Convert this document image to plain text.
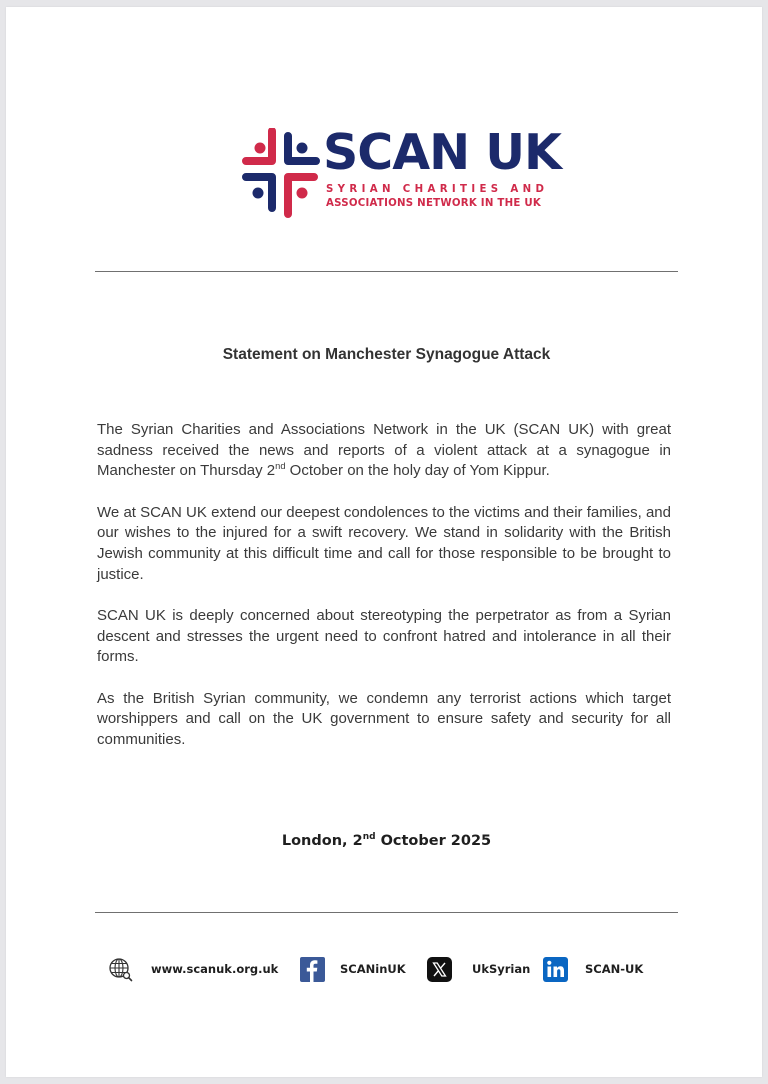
SCAN UK
SYRIAN CHARITIES AND
ASSOCIATIONS NETWORK IN THE UK
Statement on Manchester Synagogue Attack

The Syrian Charities and Associations Network in the UK (SCAN UK) with great sadness received the news and reports of a violent attack at a synagogue in Manchester on Thursday 2nd October on the holy day of Yom Kippur.

We at SCAN UK extend our deepest condolences to the victims and their families, and our wishes to the injured for a swift recovery. We stand in solidarity with the British Jewish community at this difficult time and call for those responsible to be brought to justice.

SCAN UK is deeply concerned about stereotyping the perpetrator as from a Syrian descent and stresses the urgent need to confront hatred and intolerance in all their forms.

As the British Syrian community, we condemn any terrorist actions which target worshippers and call on the UK government to ensure safety and security for all communities.

London, 2nd October 2025
www.scanuk.org.uk	SCANinUK	UkSyrian	SCAN-UK
